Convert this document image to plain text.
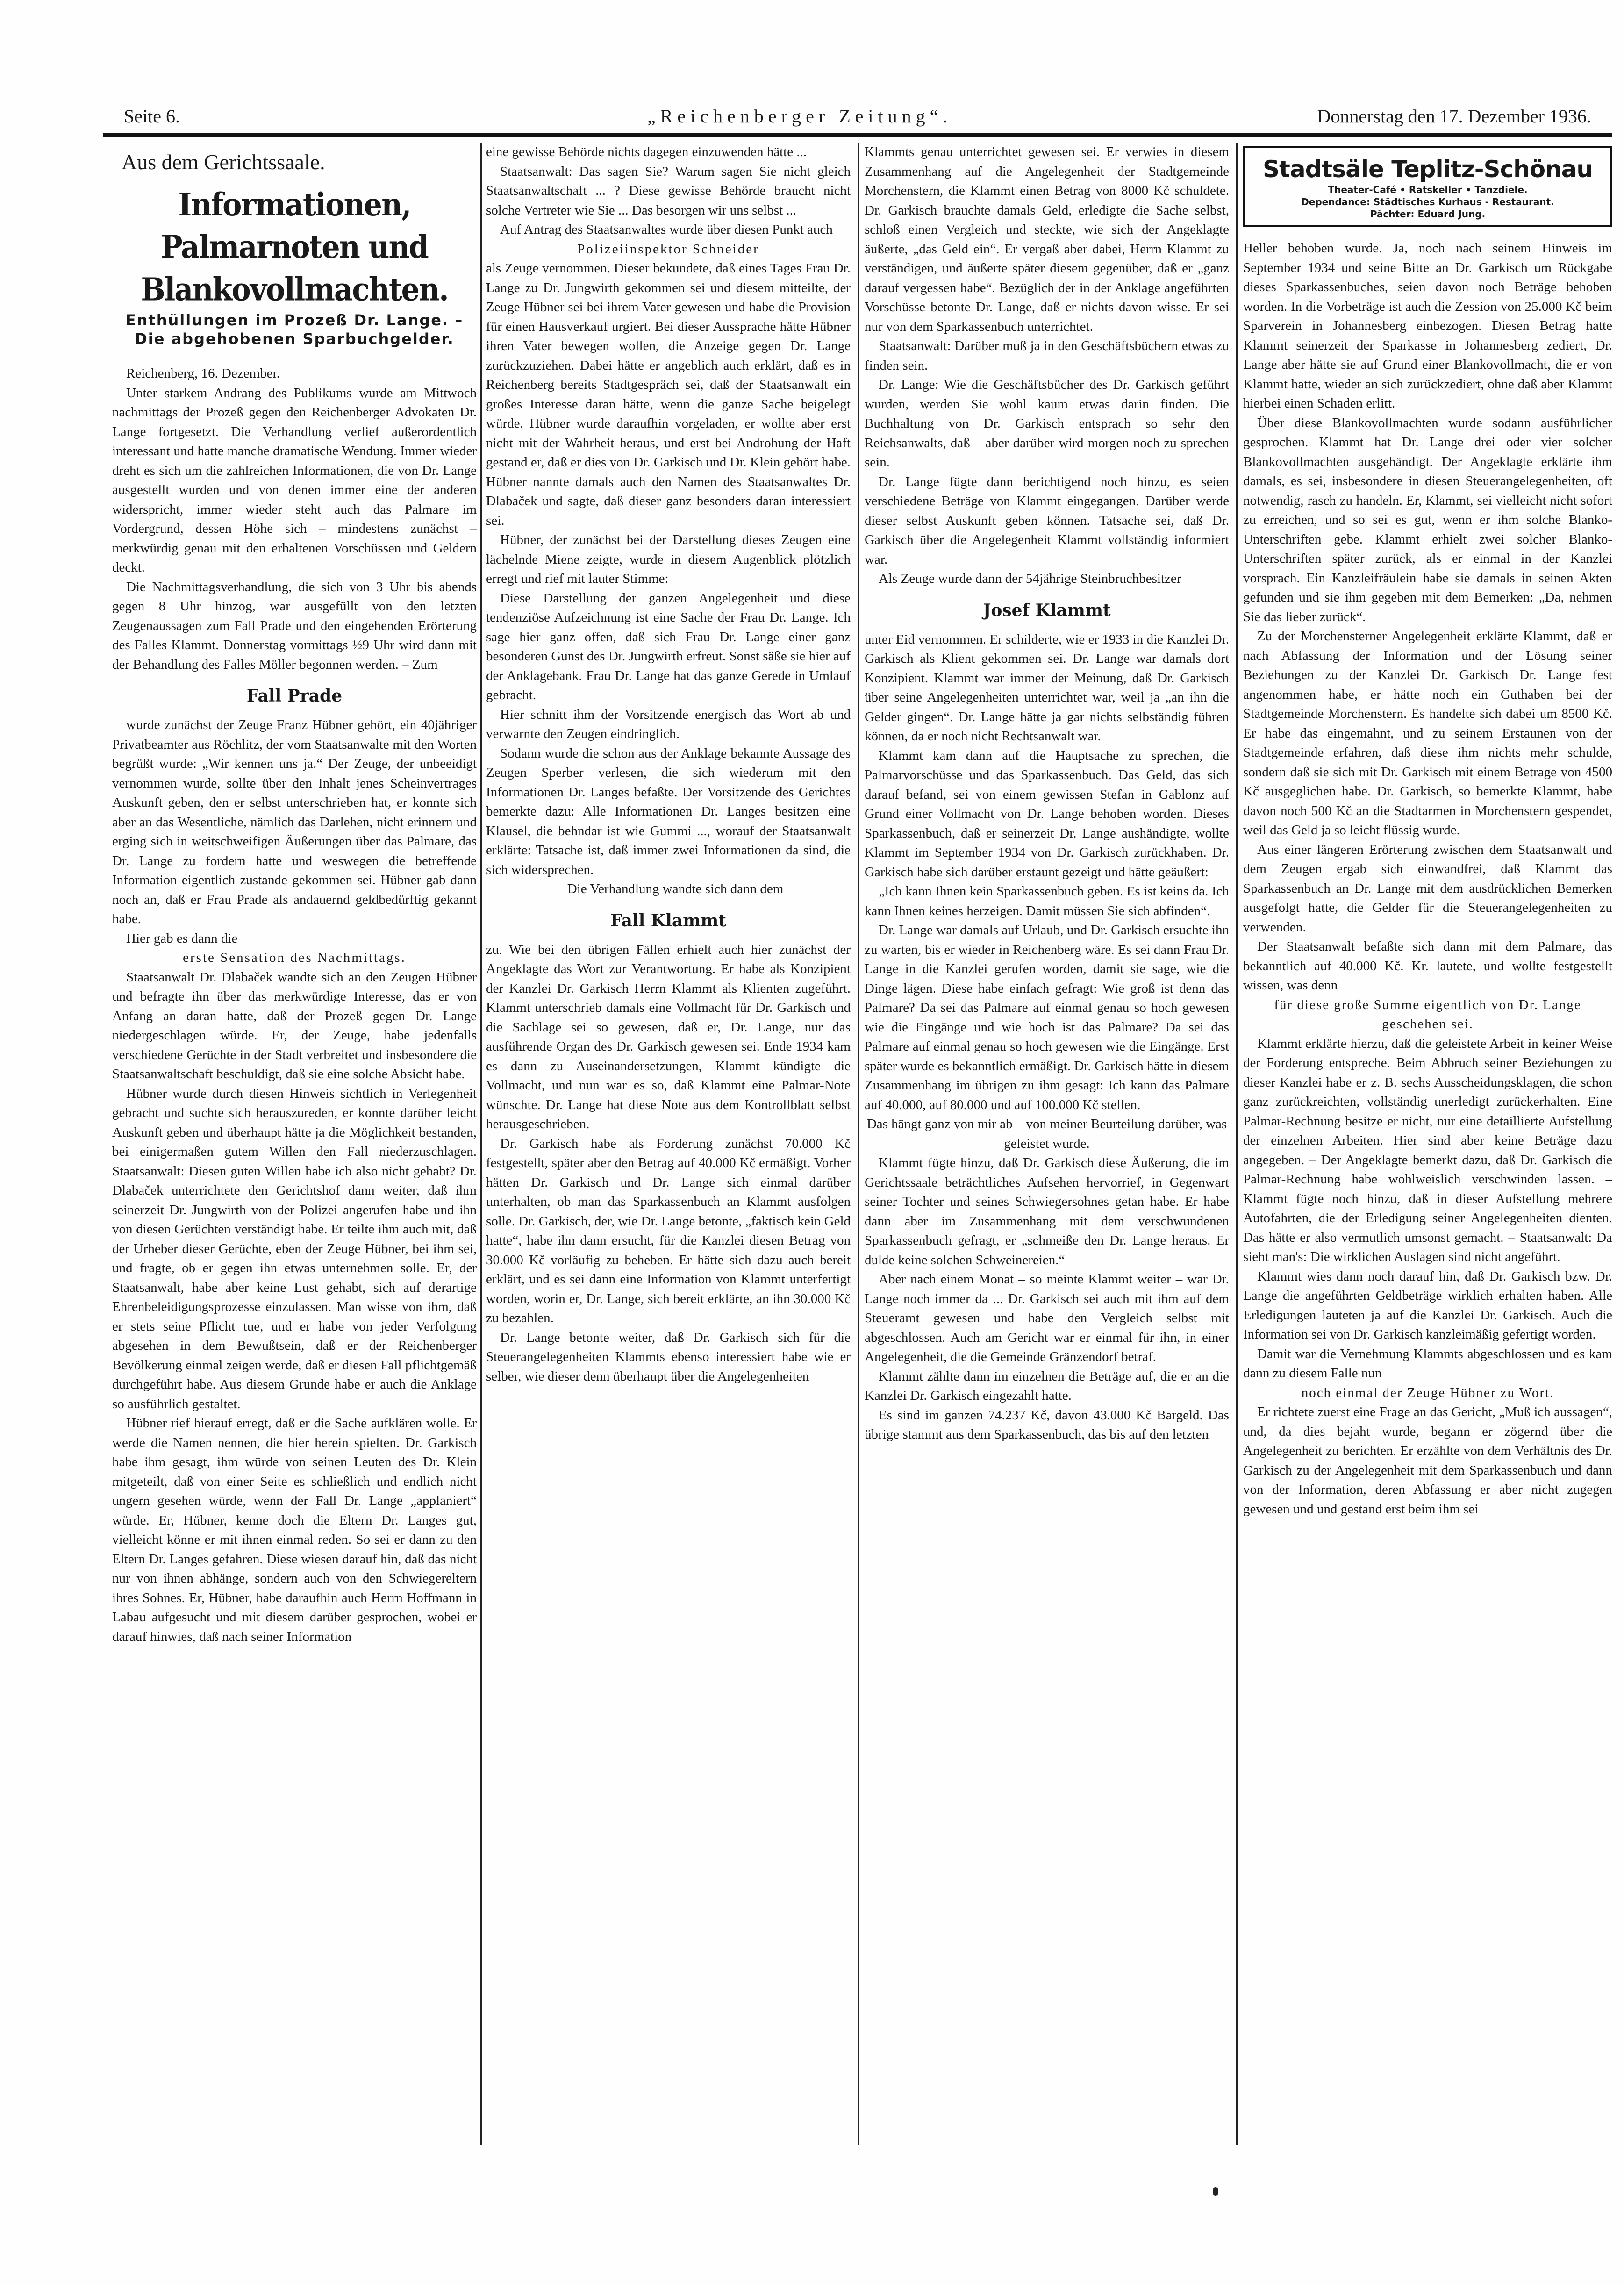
Seite 6.	„Reichenberger Zeitung“.	Donnerstag den 17. Dezember 1936.
Aus dem Gerichtssaale.
Informationen, Palmarnoten und Blankovollmachten.
Enthüllungen im Prozeß Dr. Lange. – Die abgehobenen Sparbuchgelder.

Reichenberg, 16. Dezember.

Unter starkem Andrang des Publikums wurde am Mittwoch nachmittags der Prozeß gegen den Reichenberger Advokaten Dr. Lange fortgesetzt. Die Verhandlung verlief außerordentlich interessant und hatte manche dramatische Wendung. Immer wieder dreht es sich um die zahlreichen Informationen, die von Dr. Lange ausgestellt wurden und von denen immer eine der anderen widerspricht, immer wieder steht auch das Palmare im Vordergrund, dessen Höhe sich – mindestens zunächst – merkwürdig genau mit den erhaltenen Vorschüssen und Geldern deckt.

Die Nachmittagsverhandlung, die sich von 3 Uhr bis abends gegen 8 Uhr hinzog, war ausgefüllt von den letzten Zeugenaussagen zum Fall Prade und den eingehenden Erörterung des Falles Klammt. Donnerstag vormittags ½9 Uhr wird dann mit der Behandlung des Falles Möller begonnen werden. – Zum

Fall Prade

wurde zunächst der Zeuge Franz Hübner gehört, ein 40jähriger Privatbeamter aus Röchlitz, der vom Staatsanwalte mit den Worten begrüßt wurde: „Wir kennen uns ja.“ Der Zeuge, der unbeeidigt vernommen wurde, sollte über den Inhalt jenes Scheinvertrages Auskunft geben, den er selbst unterschrieben hat, er konnte sich aber an das Wesentliche, nämlich das Darlehen, nicht erinnern und erging sich in weitschweifigen Äußerungen über das Palmare, das Dr. Lange zu fordern hatte und weswegen die betreffende Information eigentlich zustande gekommen sei. Hübner gab dann noch an, daß er Frau Prade als andauernd geldbedürftig gekannt habe.

Hier gab es dann die

erste Sensation des Nachmittags.

Staatsanwalt Dr. Dlabaček wandte sich an den Zeugen Hübner und befragte ihn über das merkwürdige Interesse, das er von Anfang an daran hatte, daß der Prozeß gegen Dr. Lange niedergeschlagen würde. Er, der Zeuge, habe jedenfalls verschiedene Gerüchte in der Stadt verbreitet und insbesondere die Staatsanwaltschaft beschuldigt, daß sie eine solche Absicht habe.

Hübner wurde durch diesen Hinweis sichtlich in Verlegenheit gebracht und suchte sich herauszureden, er konnte darüber leicht Auskunft geben und überhaupt hätte ja die Möglichkeit bestanden, bei einigermaßen gutem Willen den Fall niederzuschlagen. Staatsanwalt: Diesen guten Willen habe ich also nicht gehabt? Dr. Dlabaček unterrichtete den Gerichtshof dann weiter, daß ihm seinerzeit Dr. Jungwirth von der Polizei angerufen habe und ihn von diesen Gerüchten verständigt habe. Er teilte ihm auch mit, daß der Urheber dieser Gerüchte, eben der Zeuge Hübner, bei ihm sei, und fragte, ob er gegen ihn etwas unternehmen solle. Er, der Staatsanwalt, habe aber keine Lust gehabt, sich auf derartige Ehrenbeleidigungsprozesse einzulassen. Man wisse von ihm, daß er stets seine Pflicht tue, und er habe von jeder Verfolgung abgesehen in dem Bewußtsein, daß er der Reichenberger Bevölkerung einmal zeigen werde, daß er diesen Fall pflichtgemäß durchgeführt habe. Aus diesem Grunde habe er auch die Anklage so ausführlich gestaltet.

Hübner rief hierauf erregt, daß er die Sache aufklären wolle. Er werde die Namen nennen, die hier herein spielten. Dr. Garkisch habe ihm gesagt, ihm würde von seinen Leuten des Dr. Klein mitgeteilt, daß von einer Seite es schließlich und endlich nicht ungern gesehen würde, wenn der Fall Dr. Lange „applaniert“ würde. Er, Hübner, kenne doch die Eltern Dr. Langes gut, vielleicht könne er mit ihnen einmal reden. So sei er dann zu den Eltern Dr. Langes gefahren. Diese wiesen darauf hin, daß das nicht nur von ihnen abhänge, sondern auch von den Schwiegereltern ihres Sohnes. Er, Hübner, habe daraufhin auch Herrn Hoffmann in Labau aufgesucht und mit diesem darüber gesprochen, wobei er darauf hinwies, daß nach seiner Information

eine gewisse Behörde nichts dagegen einzuwenden hätte ...

Staatsanwalt: Das sagen Sie? Warum sagen Sie nicht gleich Staatsanwaltschaft ... ? Diese gewisse Behörde braucht nicht solche Vertreter wie Sie ... Das besorgen wir uns selbst ...

Auf Antrag des Staatsanwaltes wurde über diesen Punkt auch

Polizeiinspektor Schneider

als Zeuge vernommen. Dieser bekundete, daß eines Tages Frau Dr. Lange zu Dr. Jungwirth gekommen sei und diesem mitteilte, der Zeuge Hübner sei bei ihrem Vater gewesen und habe die Provision für einen Hausverkauf urgiert. Bei dieser Aussprache hätte Hübner ihren Vater bewegen wollen, die Anzeige gegen Dr. Lange zurückzuziehen. Dabei hätte er angeblich auch erklärt, daß es in Reichenberg bereits Stadtgespräch sei, daß der Staatsanwalt ein großes Interesse daran hätte, wenn die ganze Sache beigelegt würde. Hübner wurde daraufhin vorgeladen, er wollte aber erst nicht mit der Wahrheit heraus, und erst bei Androhung der Haft gestand er, daß er dies von Dr. Garkisch und Dr. Klein gehört habe. Hübner nannte damals auch den Namen des Staatsanwaltes Dr. Dlabaček und sagte, daß dieser ganz besonders daran interessiert sei.

Hübner, der zunächst bei der Darstellung dieses Zeugen eine lächelnde Miene zeigte, wurde in diesem Augenblick plötzlich erregt und rief mit lauter Stimme:

Diese Darstellung der ganzen Angelegenheit und diese tendenziöse Aufzeichnung ist eine Sache der Frau Dr. Lange. Ich sage hier ganz offen, daß sich Frau Dr. Lange einer ganz besonderen Gunst des Dr. Jungwirth erfreut. Sonst säße sie hier auf der Anklagebank. Frau Dr. Lange hat das ganze Gerede in Umlauf gebracht.

Hier schnitt ihm der Vorsitzende energisch das Wort ab und verwarnte den Zeugen eindringlich.

Sodann wurde die schon aus der Anklage bekannte Aussage des Zeugen Sperber verlesen, die sich wiederum mit den Informationen Dr. Langes befaßte. Der Vorsitzende des Gerichtes bemerkte dazu: Alle Informationen Dr. Langes besitzen eine Klausel, die behndar ist wie Gummi ..., worauf der Staatsanwalt erklärte: Tatsache ist, daß immer zwei Informationen da sind, die sich widersprechen.

Die Verhandlung wandte sich dann dem

Fall Klammt

zu. Wie bei den übrigen Fällen erhielt auch hier zunächst der Angeklagte das Wort zur Verantwortung. Er habe als Konzipient der Kanzlei Dr. Garkisch Herrn Klammt als Klienten zugeführt. Klammt unterschrieb damals eine Vollmacht für Dr. Garkisch und die Sachlage sei so gewesen, daß er, Dr. Lange, nur das ausführende Organ des Dr. Garkisch gewesen sei. Ende 1934 kam es dann zu Auseinandersetzungen, Klammt kündigte die Vollmacht, und nun war es so, daß Klammt eine Palmar-Note wünschte. Dr. Lange hat diese Note aus dem Kontrollblatt selbst herausgeschrieben.

Dr. Garkisch habe als Forderung zunächst 70.000 Kč festgestellt, später aber den Betrag auf 40.000 Kč ermäßigt. Vorher hätten Dr. Garkisch und Dr. Lange sich einmal darüber unterhalten, ob man das Sparkassenbuch an Klammt ausfolgen solle. Dr. Garkisch, der, wie Dr. Lange betonte, „faktisch kein Geld hatte“, habe ihn dann ersucht, für die Kanzlei diesen Betrag von 30.000 Kč vorläufig zu beheben. Er hätte sich dazu auch bereit erklärt, und es sei dann eine Information von Klammt unterfertigt worden, worin er, Dr. Lange, sich bereit erklärte, an ihn 30.000 Kč zu bezahlen.

Dr. Lange betonte weiter, daß Dr. Garkisch sich für die Steuerangelegenheiten Klammts ebenso interessiert habe wie er selber, wie dieser denn überhaupt über die Angelegenheiten

Klammts genau unterrichtet gewesen sei. Er verwies in diesem Zusammenhang auf die Angelegenheit der Stadtgemeinde Morchenstern, die Klammt einen Betrag von 8000 Kč schuldete. Dr. Garkisch brauchte damals Geld, erledigte die Sache selbst, schloß einen Vergleich und steckte, wie sich der Angeklagte äußerte, „das Geld ein“. Er vergaß aber dabei, Herrn Klammt zu verständigen, und äußerte später diesem gegenüber, daß er „ganz darauf vergessen habe“. Bezüglich der in der Anklage angeführten Vorschüsse betonte Dr. Lange, daß er nichts davon wisse. Er sei nur von dem Sparkassenbuch unterrichtet.

Staatsanwalt: Darüber muß ja in den Geschäftsbüchern etwas zu finden sein.

Dr. Lange: Wie die Geschäftsbücher des Dr. Garkisch geführt wurden, werden Sie wohl kaum etwas darin finden. Die Buchhaltung von Dr. Garkisch entsprach so sehr den Reichsanwalts, daß – aber darüber wird morgen noch zu sprechen sein.

Dr. Lange fügte dann berichtigend noch hinzu, es seien verschiedene Beträge von Klammt eingegangen. Darüber werde dieser selbst Auskunft geben können. Tatsache sei, daß Dr. Garkisch über die Angelegenheit Klammt vollständig informiert war.

Als Zeuge wurde dann der 54jährige Steinbruchbesitzer

Josef Klammt

unter Eid vernommen. Er schilderte, wie er 1933 in die Kanzlei Dr. Garkisch als Klient gekommen sei. Dr. Lange war damals dort Konzipient. Klammt war immer der Meinung, daß Dr. Garkisch über seine Angelegenheiten unterrichtet war, weil ja „an ihn die Gelder gingen“. Dr. Lange hätte ja gar nichts selbständig führen können, da er noch nicht Rechtsanwalt war.

Klammt kam dann auf die Hauptsache zu sprechen, die Palmarvorschüsse und das Sparkassenbuch. Das Geld, das sich darauf befand, sei von einem gewissen Stefan in Gablonz auf Grund einer Vollmacht von Dr. Lange behoben worden. Dieses Sparkassenbuch, daß er seinerzeit Dr. Lange aushändigte, wollte Klammt im September 1934 von Dr. Garkisch zurückhaben. Dr. Garkisch habe sich darüber erstaunt gezeigt und hätte geäußert:

„Ich kann Ihnen kein Sparkassenbuch geben. Es ist keins da. Ich kann Ihnen keines herzeigen. Damit müssen Sie sich abfinden“.

Dr. Lange war damals auf Urlaub, und Dr. Garkisch ersuchte ihn zu warten, bis er wieder in Reichenberg wäre. Es sei dann Frau Dr. Lange in die Kanzlei gerufen worden, damit sie sage, wie die Dinge lägen. Diese habe einfach gefragt: Wie groß ist denn das Palmare? Da sei das Palmare auf einmal genau so hoch gewesen wie die Eingänge und wie hoch ist das Palmare? Da sei das Palmare auf einmal genau so hoch gewesen wie die Eingänge. Erst später wurde es bekanntlich ermäßigt. Dr. Garkisch hätte in diesem Zusammenhang im übrigen zu ihm gesagt: Ich kann das Palmare auf 40.000, auf 80.000 und auf 100.000 Kč stellen.

Das hängt ganz von mir ab – von meiner Beurteilung darüber, was geleistet wurde.

Klammt fügte hinzu, daß Dr. Garkisch diese Äußerung, die im Gerichtssaale beträchtliches Aufsehen hervorrief, in Gegenwart seiner Tochter und seines Schwiegersohnes getan habe. Er habe dann aber im Zusammenhang mit dem verschwundenen Sparkassenbuch gefragt, er „schmeiße den Dr. Lange heraus. Er dulde keine solchen Schweinereien.“

Aber nach einem Monat – so meinte Klammt weiter – war Dr. Lange noch immer da ... Dr. Garkisch sei auch mit ihm auf dem Steueramt gewesen und habe den Vergleich selbst mit abgeschlossen. Auch am Gericht war er einmal für ihn, in einer Angelegenheit, die die Gemeinde Gränzendorf betraf.

Klammt zählte dann im einzelnen die Beträge auf, die er an die Kanzlei Dr. Garkisch eingezahlt hatte.

Es sind im ganzen 74.237 Kč, davon 43.000 Kč Bargeld. Das übrige stammt aus dem Sparkassenbuch, das bis auf den letzten

Stadtsäle Teplitz-Schönau
Theater-Café • Ratskeller • Tanzdiele.
Dependance: Städtisches Kurhaus - Restaurant.
Pächter: Eduard Jung.

Heller behoben wurde. Ja, noch nach seinem Hinweis im September 1934 und seine Bitte an Dr. Garkisch um Rückgabe dieses Sparkassenbuches, seien davon noch Beträge behoben worden. In die Vorbeträge ist auch die Zession von 25.000 Kč beim Sparverein in Johannesberg einbezogen. Diesen Betrag hatte Klammt seinerzeit der Sparkasse in Johannesberg zediert, Dr. Lange aber hätte sie auf Grund einer Blankovollmacht, die er von Klammt hatte, wieder an sich zurückzediert, ohne daß aber Klammt hierbei einen Schaden erlitt.

Über diese Blankovollmachten wurde sodann ausführlicher gesprochen. Klammt hat Dr. Lange drei oder vier solcher Blankovollmachten ausgehändigt. Der Angeklagte erklärte ihm damals, es sei, insbesondere in diesen Steuerangelegenheiten, oft notwendig, rasch zu handeln. Er, Klammt, sei vielleicht nicht sofort zu erreichen, und so sei es gut, wenn er ihm solche Blanko-Unterschriften gebe. Klammt erhielt zwei solcher Blanko-Unterschriften später zurück, als er einmal in der Kanzlei vorsprach. Ein Kanzleifräulein habe sie damals in seinen Akten gefunden und sie ihm gegeben mit dem Bemerken: „Da, nehmen Sie das lieber zurück“.

Zu der Morchensterner Angelegenheit erklärte Klammt, daß er nach Abfassung der Information und der Lösung seiner Beziehungen zu der Kanzlei Dr. Garkisch Dr. Lange fest angenommen habe, er hätte noch ein Guthaben bei der Stadtgemeinde Morchenstern. Es handelte sich dabei um 8500 Kč. Er habe das eingemahnt, und zu seinem Erstaunen von der Stadtgemeinde erfahren, daß diese ihm nichts mehr schulde, sondern daß sie sich mit Dr. Garkisch mit einem Betrage von 4500 Kč ausgeglichen habe. Dr. Garkisch, so bemerkte Klammt, habe davon noch 500 Kč an die Stadtarmen in Morchenstern gespendet, weil das Geld ja so leicht flüssig wurde.

Aus einer längeren Erörterung zwischen dem Staatsanwalt und dem Zeugen ergab sich einwandfrei, daß Klammt das Sparkassenbuch an Dr. Lange mit dem ausdrücklichen Bemerken ausgefolgt hatte, die Gelder für die Steuerangelegenheiten zu verwenden.

Der Staatsanwalt befaßte sich dann mit dem Palmare, das bekanntlich auf 40.000 Kč. Kr. lautete, und wollte festgestellt wissen, was denn

für diese große Summe eigentlich von Dr. Lange geschehen sei.

Klammt erklärte hierzu, daß die geleistete Arbeit in keiner Weise der Forderung entspreche. Beim Abbruch seiner Beziehungen zu dieser Kanzlei habe er z. B. sechs Ausscheidungsklagen, die schon ganz zurückreichten, vollständig unerledigt zurückerhalten. Eine Palmar-Rechnung besitze er nicht, nur eine detaillierte Aufstellung der einzelnen Arbeiten. Hier sind aber keine Beträge dazu angegeben. – Der Angeklagte bemerkt dazu, daß Dr. Garkisch die Palmar-Rechnung habe wohlweislich verschwinden lassen. – Klammt fügte noch hinzu, daß in dieser Aufstellung mehrere Autofahrten, die der Erledigung seiner Angelegenheiten dienten. Das hätte er also vermutlich umsonst gemacht. – Staatsanwalt: Da sieht man's: Die wirklichen Auslagen sind nicht angeführt.

Klammt wies dann noch darauf hin, daß Dr. Garkisch bzw. Dr. Lange die angeführten Geldbeträge wirklich erhalten haben. Alle Erledigungen lauteten ja auf die Kanzlei Dr. Garkisch. Auch die Information sei von Dr. Garkisch kanzleimäßig gefertigt worden.

Damit war die Vernehmung Klammts abgeschlossen und es kam dann zu diesem Falle nun

noch einmal der Zeuge Hübner zu Wort.

Er richtete zuerst eine Frage an das Gericht, „Muß ich aussagen“, und, da dies bejaht wurde, begann er zögernd über die Angelegenheit zu berichten. Er erzählte von dem Verhältnis des Dr. Garkisch zu der Angelegenheit mit dem Sparkassenbuch und dann von der Information, deren Abfassung er aber nicht zugegen gewesen und und gestand erst beim ihm sei
